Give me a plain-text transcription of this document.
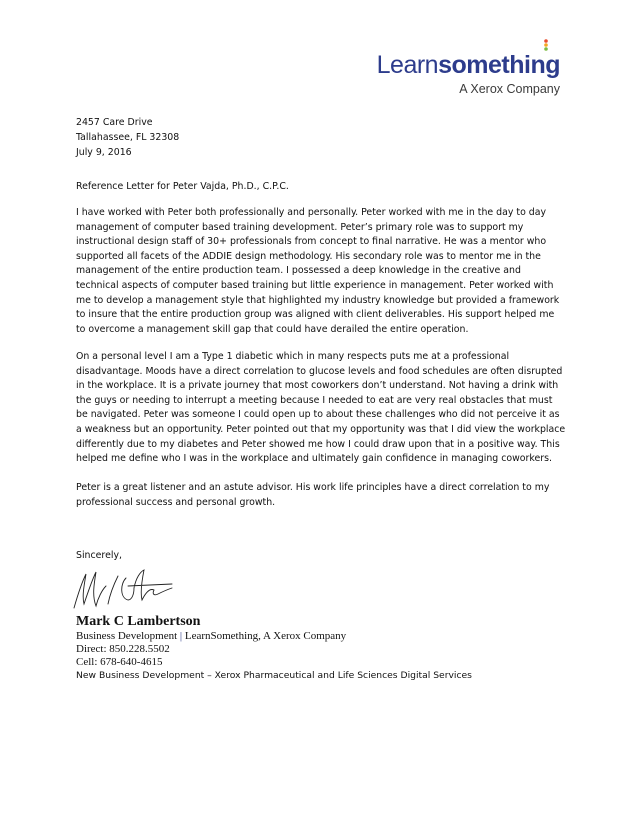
Learnsomething
A Xerox Company
2457 Care Drive
Tallahassee, FL 32308
July 9, 2016
Reference Letter for Peter Vajda, Ph.D., C.P.C.

I have worked with Peter both professionally and personally. Peter worked with me in the day to day management of computer based training development. Peter’s primary role was to support my instructional design staff of 30+ professionals from concept to final narrative. He was a mentor who supported all facets of the ADDIE design methodology. His secondary role was to mentor me in the management of the entire production team. I possessed a deep knowledge in the creative and technical aspects of computer based training but little experience in management. Peter worked with me to develop a management style that highlighted my industry knowledge but provided a framework to insure that the entire production group was aligned with client deliverables. His support helped me to overcome a management skill gap that could have derailed the entire operation.

On a personal level I am a Type 1 diabetic which in many respects puts me at a professional disadvantage. Moods have a direct correlation to glucose levels and food schedules are often disrupted in the workplace. It is a private journey that most coworkers don’t understand. Not having a drink with the guys or needing to interrupt a meeting because I needed to eat are very real obstacles that must be navigated. Peter was someone I could open up to about these challenges who did not perceive it as a weakness but an opportunity. Peter pointed out that my opportunity was that I did view the workplace differently due to my diabetes and Peter showed me how I could draw upon that in a positive way. This helped me define who I was in the workplace and ultimately gain confidence in managing coworkers.

Peter is a great listener and an astute advisor. His work life principles have a direct correlation to my professional success and personal growth.

Sincerely,
Mark C Lambertson
Business Development | LearnSomething, A Xerox Company
Direct: 850.228.5502
Cell: 678-640-4615
New Business Development – Xerox Pharmaceutical and Life Sciences Digital Services
